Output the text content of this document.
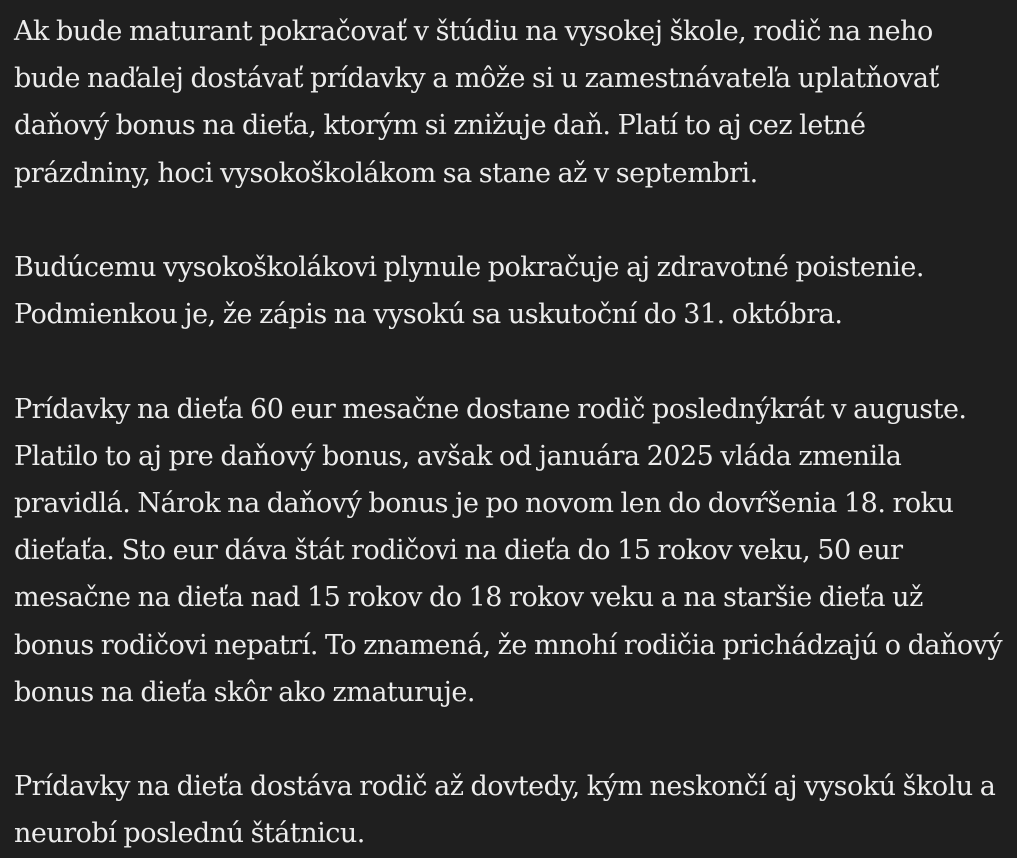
Ak bude maturant pokračovať v štúdiu na vysokej škole, rodič na neho bude naďalej dostávať prídavky a môže si u zamestnávateľa uplatňovať daňový bonus na dieťa, ktorým si znižuje daň. Platí to aj cez letné prázdniny, hoci vysokoškolákom sa stane až v septembri.

Budúcemu vysokoškolákovi plynule pokračuje aj zdravotné poistenie. Podmienkou je, že zápis na vysokú sa uskutoční do 31. októbra.

Prídavky na dieťa 60 eur mesačne dostane rodič poslednýkrát v auguste. Platilo to aj pre daňový bonus, avšak od januára 2025 vláda zmenila pravidlá. Nárok na daňový bonus je po novom len do dovŕšenia 18. roku dieťaťa. Sto eur dáva štát rodičovi na dieťa do 15 rokov veku, 50 eur mesačne na dieťa nad 15 rokov do 18 rokov veku a na staršie dieťa už bonus rodičovi nepatrí. To znamená, že mnohí rodičia prichádzajú o daňový bonus na dieťa skôr ako zmaturuje.

Prídavky na dieťa dostáva rodič až dovtedy, kým neskončí aj vysokú školu a neurobí poslednú štátnicu.
